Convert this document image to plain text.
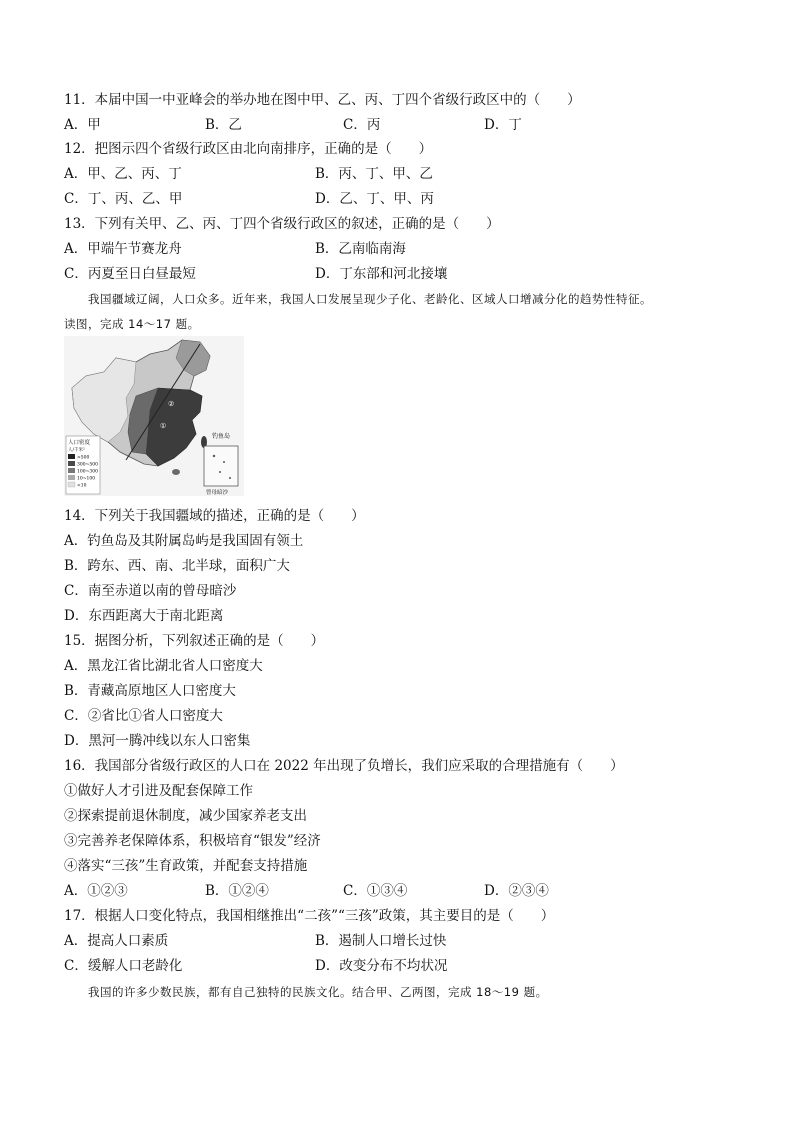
11．本届中国一中亚峰会的举办地在图中甲、乙、丙、丁四个省级行政区中的（　　）
A．甲	B．乙	C．丙	D．丁
12．把图示四个省级行政区由北向南排序，正确的是（　　）
A．甲、乙、丙、丁	B．丙、丁、甲、乙
C．丁、丙、乙、甲	D．乙、丁、甲、丙
13．下列有关甲、乙、丙、丁四个省级行政区的叙述，正确的是（　　）
A．甲端午节赛龙舟	B．乙南临南海
C．丙夏至日白昼最短	D．丁东部和河北接壤
我国疆域辽阔，人口众多。近年来，我国人口发展呈现少子化、老龄化、区域人口增减分化的趋势性特征。
读图，完成 14～17 题。
钓鱼岛
曾母暗沙
①
②
人口密度
人/千米²
>500
300~500
100~300
10~100
<10
14．下列关于我国疆域的描述，正确的是（　　）
A．钓鱼岛及其附属岛屿是我国固有领土
B．跨东、西、南、北半球，面积广大
C．南至赤道以南的曾母暗沙
D．东西距离大于南北距离
15．据图分析，下列叙述正确的是（　　）
A．黑龙江省比湖北省人口密度大
B．青藏高原地区人口密度大
C．②省比①省人口密度大
D．黑河一腾冲线以东人口密集
16．我国部分省级行政区的人口在 2022 年出现了负增长，我们应采取的合理措施有（　　）
①做好人才引进及配套保障工作
②探索提前退休制度，减少国家养老支出
③完善养老保障体系，积极培育“银发”经济
④落实“三孩”生育政策，并配套支持措施
A．①②③	B．①②④	C．①③④	D．②③④
17．根据人口变化特点，我国相继推出“二孩”“三孩”政策，其主要目的是（　　）
A．提高人口素质	B．遏制人口增长过快
C．缓解人口老龄化	D．改变分布不均状况
我国的许多少数民族，都有自己独特的民族文化。结合甲、乙两图，完成 18～19 题。
